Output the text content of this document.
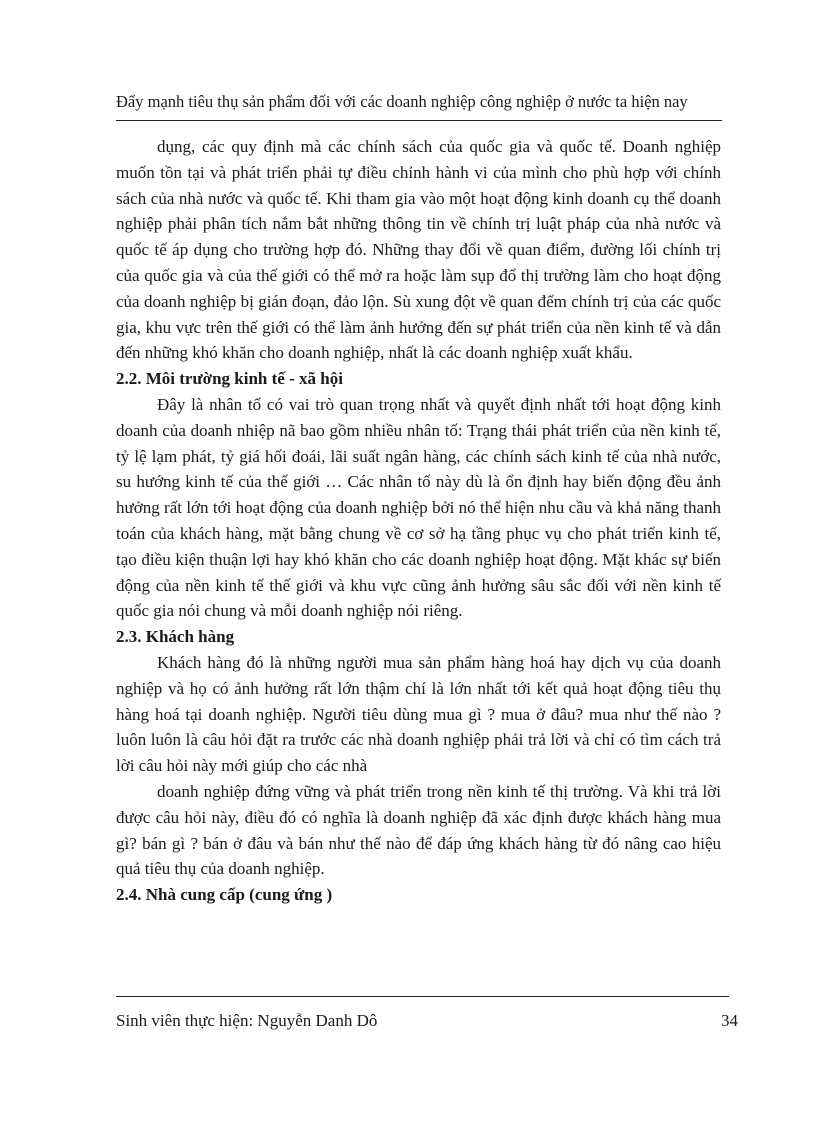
Đẩy mạnh tiêu thụ sản phẩm đối với các doanh nghiệp công nghiệp ở nước ta hiện nay

dụng, các quy định mà các chính sách của quốc gia và quốc tế. Doanh nghiệp muốn tồn tại và phát triển phải tự điều chỉnh hành vi của mình cho phù hợp với chính sách của nhà nước và quốc tế. Khi tham gia vào một hoạt động kinh doanh cụ thể doanh nghiệp phải phân tích nắm bắt những thông tin về chính trị luật pháp của nhà nước và quốc tế áp dụng cho trường hợp đó. Những thay đổi về quan điểm, đường lối chính trị của quốc gia và của thế giới có thể mở ra hoặc làm sụp đổ thị trường làm cho hoạt động của doanh nghiệp bị gián đoạn, đảo lộn. Sù xung đột về quan đểm chính trị của các quốc gia, khu vực trên thế giới có thể làm ảnh hưởng đến sự phát triển của nền kinh tế và dẫn đến những khó khăn cho doanh nghiệp, nhất là các doanh nghiệp xuất khẩu.

2.2. Môi trường kinh tế - xã hội

Đây là nhân tố có vai trò quan trọng nhất và quyết định nhất tới hoạt động kinh doanh của doanh nhiệp nã bao gồm nhiều nhân tố: Trạng thái phát triển của nền kinh tế, tỷ lệ lạm phát, tỷ giá hối đoái, lãi suất ngân hàng, các chính sách kinh tế của nhà nước, su hướng kinh tế của thế giới … Các nhân tố này dù là ổn định hay biến động đều ảnh hưởng rất lớn tới hoạt động của doanh nghiệp bởi nó thể hiện nhu cầu và khả năng thanh toán của khách hàng, mặt bằng chung về cơ sở hạ tầng phục vụ cho phát triển kinh tế, tạo điều kiện thuận lợi hay khó khăn cho các doanh nghiệp hoạt động. Mặt khác sự biến động của nền kinh tế thế giới và khu vực cũng ảnh hưởng sâu sắc đối với nền kinh tế quốc gia nói chung và mỗi doanh nghiệp nói riêng.

2.3. Khách hàng

Khách hàng đó là những người mua sản phẩm hàng hoá hay dịch vụ của doanh nghiệp và họ có ảnh hưởng rất lớn thậm chí là lớn nhất tới kết quả hoạt động tiêu thụ hàng hoá tại doanh nghiệp. Người tiêu dùng mua gì ? mua ở đâu? mua như thế nào ? luôn luôn là câu hỏi đặt ra trước các nhà doanh nghiệp phải trả lời và chỉ có tìm cách trả lời câu hỏi này mới giúp cho các nhà

doanh nghiệp đứng vững và phát triển trong nền kinh tế thị trường. Và khi trả lời được câu hỏi này, điều đó có nghĩa là doanh nghiệp đã xác định được khách hàng mua gì? bán gì ? bán ở đâu và bán như thế nào để đáp ứng khách hàng từ đó nâng cao hiệu quả tiêu thụ của doanh nghiệp.

2.4. Nhà cung cấp (cung ứng )

Sinh viên thực hiện: Nguyễn Danh Dô	34
